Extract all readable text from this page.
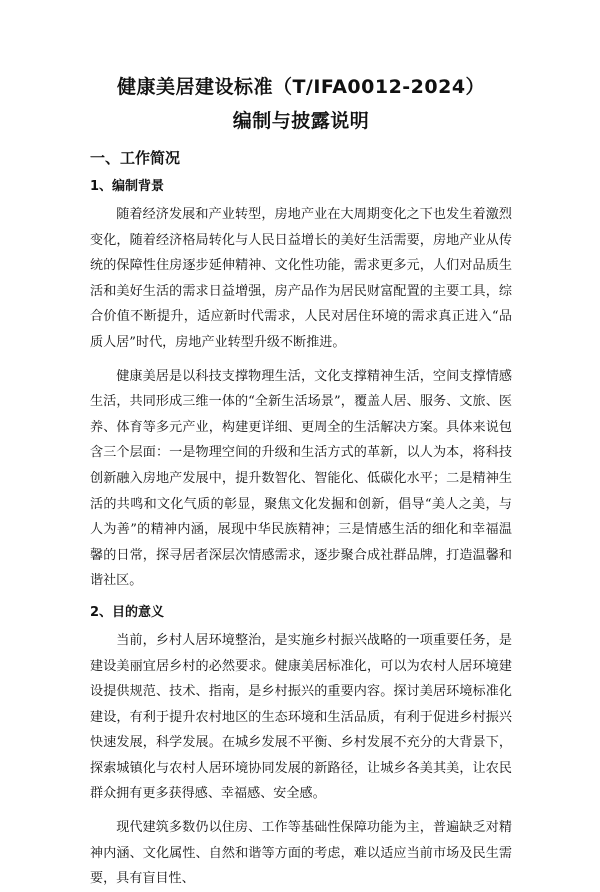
健康美居建设标准（T/IFA0012-2024）
编制与披露说明
一、工作简况
1、编制背景

随着经济发展和产业转型，房地产业在大周期变化之下也发生着激烈变化，随着经济格局转化与人民日益增长的美好生活需要，房地产业从传统的保障性住房逐步延伸精神、文化性功能，需求更多元，人们对品质生活和美好生活的需求日益增强，房产品作为居民财富配置的主要工具，综合价值不断提升，适应新时代需求，人民对居住环境的需求真正进入“品质人居”时代，房地产业转型升级不断推进。

健康美居是以科技支撑物理生活，文化支撑精神生活，空间支撑情感生活，共同形成三维一体的“全新生活场景”，覆盖人居、服务、文旅、医养、体育等多元产业，构建更详细、更周全的生活解决方案。具体来说包含三个层面：一是物理空间的升级和生活方式的革新，以人为本，将科技创新融入房地产发展中，提升数智化、智能化、低碳化水平；二是精神生活的共鸣和文化气质的彰显，聚焦文化发掘和创新，倡导“美人之美，与人为善”的精神内涵，展现中华民族精神；三是情感生活的细化和幸福温馨的日常，探寻居者深层次情感需求，逐步聚合成社群品牌，打造温馨和谐社区。

2、目的意义

当前，乡村人居环境整治，是实施乡村振兴战略的一项重要任务，是建设美丽宜居乡村的必然要求。健康美居标准化，可以为农村人居环境建设提供规范、技术、指南，是乡村振兴的重要内容。探讨美居环境标准化建设，有利于提升农村地区的生态环境和生活品质，有利于促进乡村振兴快速发展，科学发展。在城乡发展不平衡、乡村发展不充分的大背景下，探索城镇化与农村人居环境协同发展的新路径，让城乡各美其美，让农民群众拥有更多获得感、幸福感、安全感。

现代建筑多数仍以住房、工作等基础性保障功能为主，普遍缺乏对精神内涵、文化属性、自然和谐等方面的考虑，难以适应当前市场及民生需要，具有盲目性、
